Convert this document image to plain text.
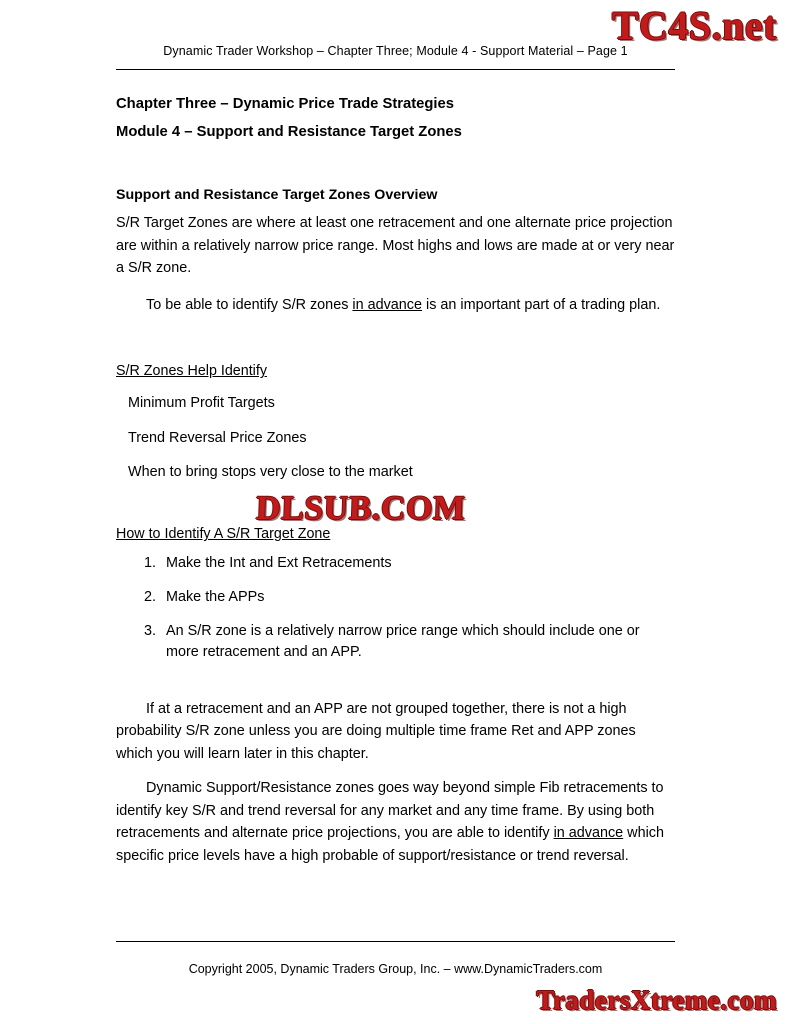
Dynamic Trader Workshop – Chapter Three; Module 4 - Support Material – Page 1
Chapter Three – Dynamic Price Trade Strategies
Module 4 – Support and Resistance Target Zones
Support and Resistance Target Zones Overview

S/R Target Zones are where at least one retracement and one alternate price projection are within a relatively narrow price range. Most highs and lows are made at or very near a S/R zone.

To be able to identify S/R zones in advance is an important part of a trading plan.

S/R Zones Help Identify
Minimum Profit Targets
Trend Reversal Price Zones
When to bring stops very close to the market
How to Identify A S/R Target Zone
1. Make the Int and Ext Retracements
2. Make the APPs
3. An S/R zone is a relatively narrow price range which should include one or more retracement and an APP.

If at a retracement and an APP are not grouped together, there is not a high probability S/R zone unless you are doing multiple time frame Ret and APP zones which you will learn later in this chapter.

Dynamic Support/Resistance zones goes way beyond simple Fib retracements to identify key S/R and trend reversal for any market and any time frame. By using both retracements and alternate price projections, you are able to identify in advance which specific price levels have a high probable of support/resistance or trend reversal.

Copyright 2005, Dynamic Traders Group, Inc. – www.DynamicTraders.com
TC4S.net
DLSUB.COM
TradersXtreme.com
